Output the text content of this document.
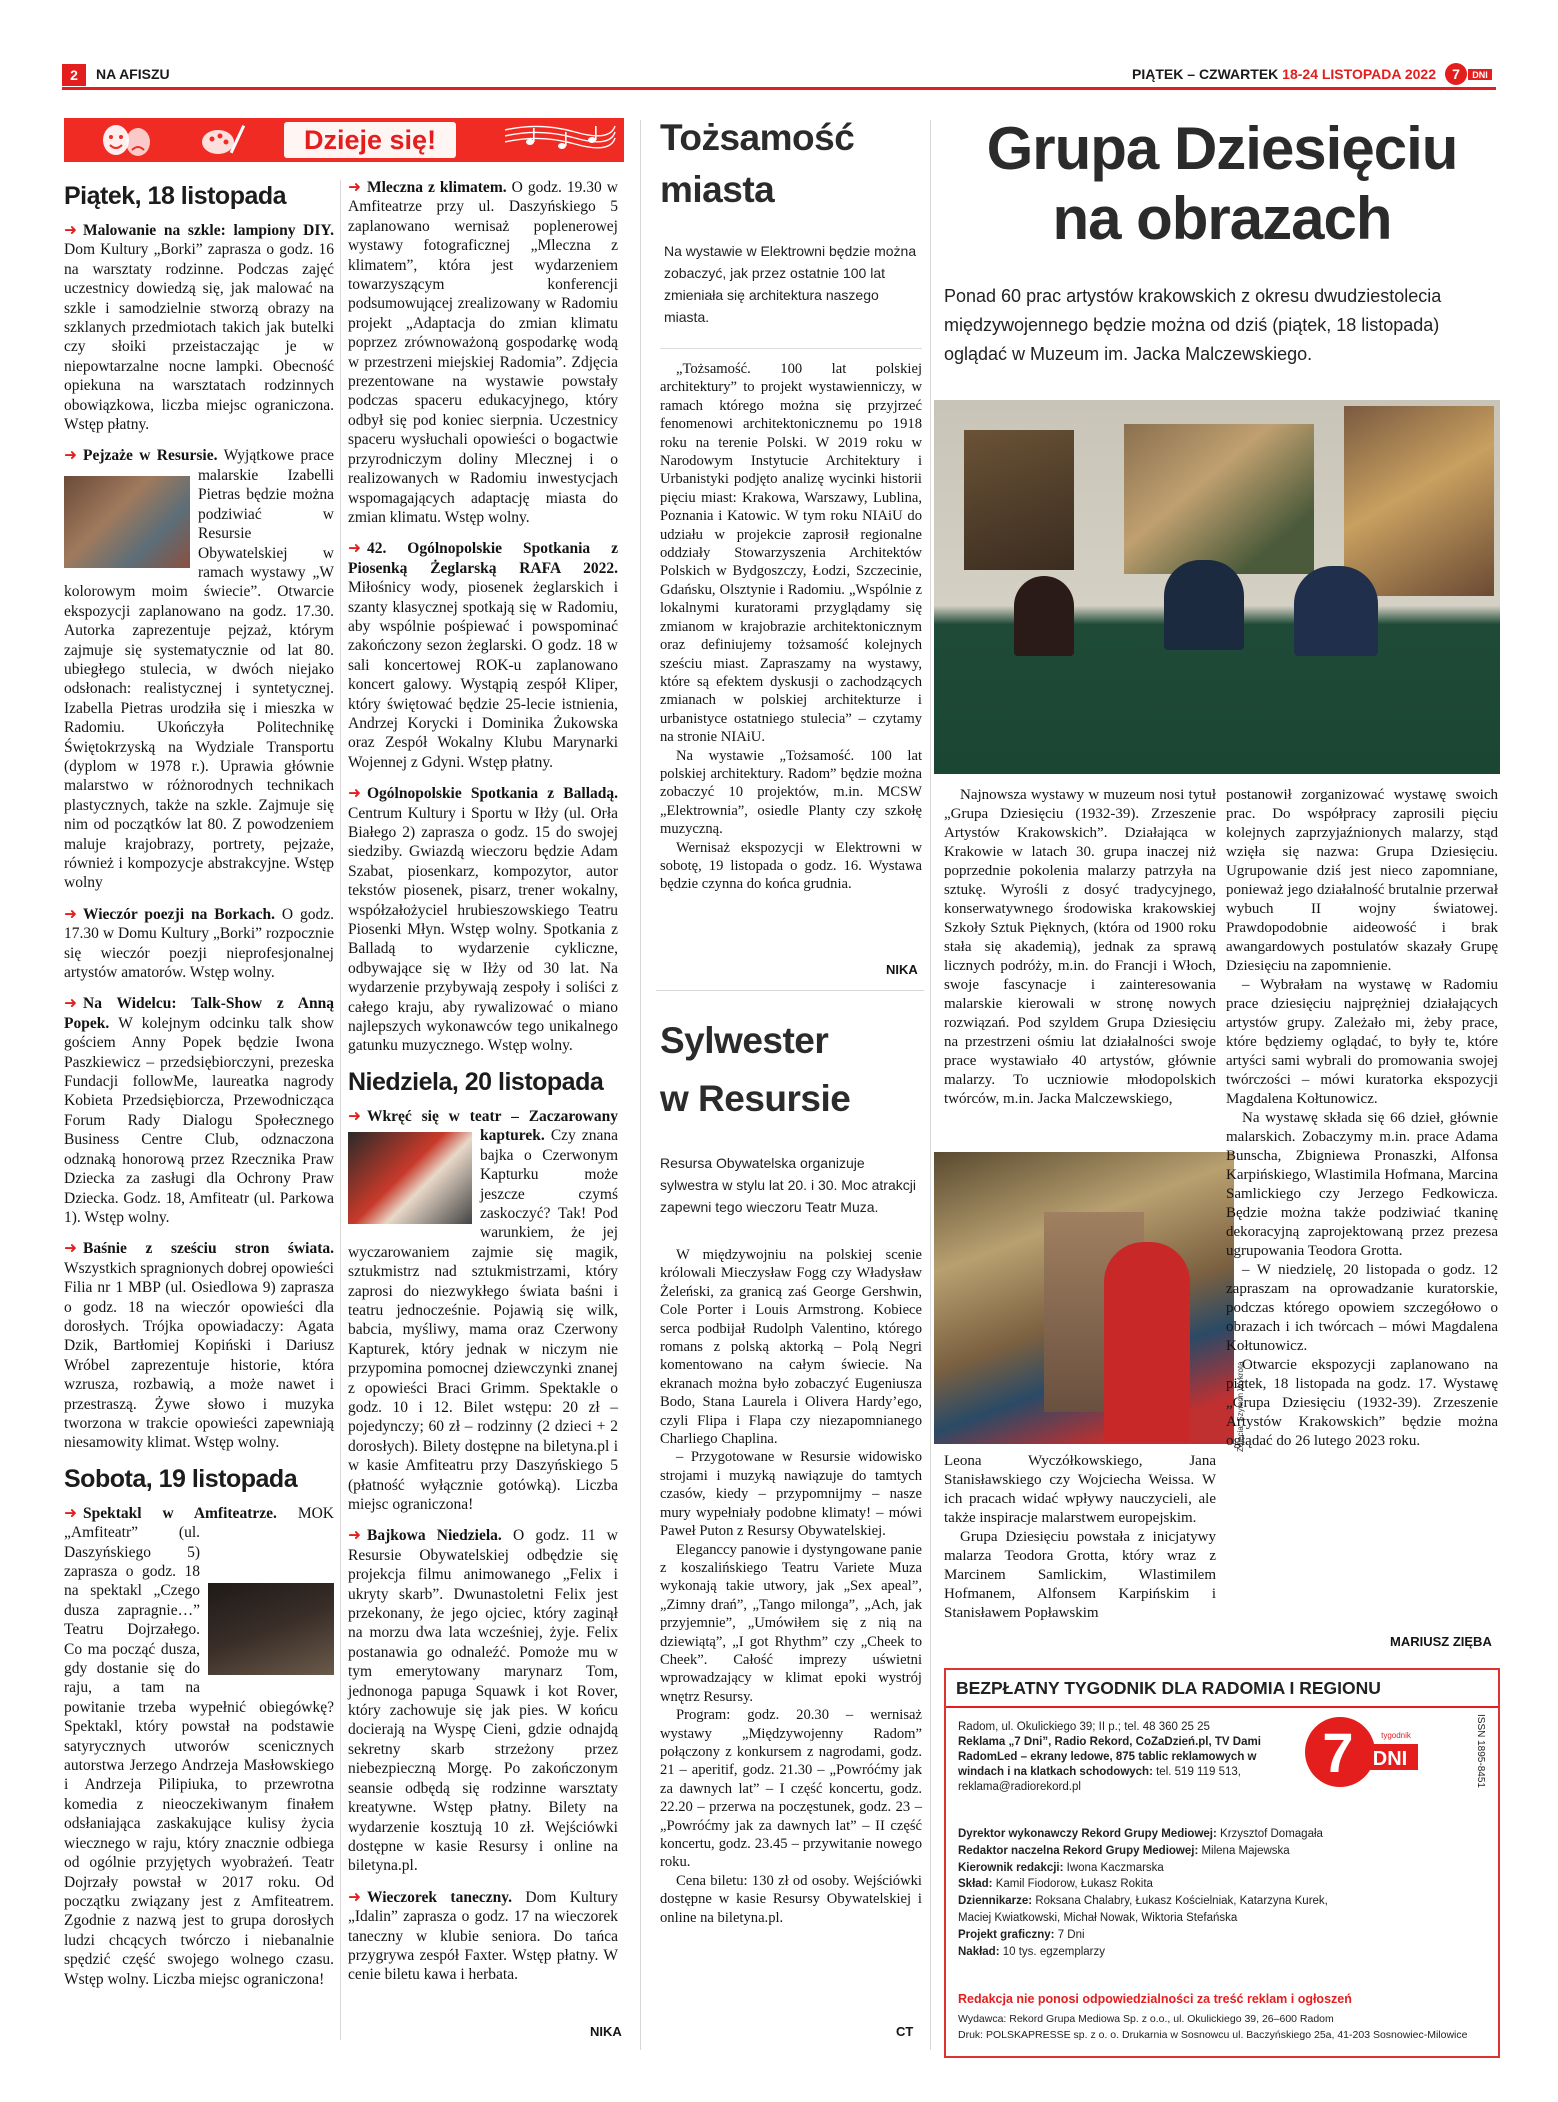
2	NA AFISZU	PIĄTEK – CZWARTEK 18-24 LISTOPADA 2022 7 DNI
Dzieje się!
Piątek, 18 listopada

➜ Malowanie na szkle: lampiony DIY. Dom Kultury „Borki” zaprasza o godz. 16 na warsztaty rodzinne. Podczas zajęć uczestnicy dowiedzą się, jak malować na szkle i samodzielnie stworzą obrazy na szklanych przedmiotach takich jak butelki czy słoiki przeistaczając je w niepowtarzalne nocne lampki. Obecność opiekuna na warsztatach rodzinnych obowiązkowa, liczba miejsc ograniczona. Wstęp płatny.

➜ Pejzaże w Resursie.
Wyjątkowe prace malarskie Izabelli Pietras będzie można podziwiać w Resursie Obywatelskiej w ramach wystawy „W kolorowym moim świecie”. Otwarcie ekspozycji zaplanowano na godz. 17.30. Autorka zaprezentuje pejzaż, którym zajmuje się systematycznie od lat 80. ubiegłego stulecia, w dwóch niejako odsłonach: realistycznej i syntetycznej. Izabella Pietras urodziła się i mieszka w Radomiu. Ukończyła Politechnikę Świętokrzyską na Wydziale Transportu (dyplom w 1978 r.). Uprawia głównie malarstwo w różnorodnych technikach plastycznych, także na szkle. Zajmuje się nim od początków lat 80. Z powodzeniem maluje krajobrazy, portrety, pejzaże, również i kompozycje abstrakcyjne. Wstęp wolny

➜ Wieczór poezji na Borkach. O godz. 17.30 w Domu Kultury „Borki” rozpocznie się wieczór poezji nieprofesjonalnej artystów amatorów. Wstęp wolny.

➜ Na Widelcu: Talk-Show z Anną Popek. W kolejnym odcinku talk show gościem Anny Popek będzie Iwona Paszkiewicz – przedsiębiorczyni, prezeska Fundacji followMe, laureatka nagrody Kobieta Przedsiębiorcza, Przewodnicząca Forum Rady Dialogu Społecznego Business Centre Club, odznaczona odznaką honorową przez Rzecznika Praw Dziecka za zasługi dla Ochrony Praw Dziecka. Godz. 18, Amfiteatr (ul. Parkowa 1). Wstęp wolny.

➜ Baśnie z sześciu stron świata. Wszystkich spragnionych dobrej opowieści Filia nr 1 MBP (ul. Osiedlowa 9) zaprasza o godz. 18 na wieczór opowieści dla dorosłych. Trójka opowiadaczy: Agata Dzik, Bartłomiej Kopiński i Dariusz Wróbel zaprezentuje historie, która wzrusza, rozbawią, a może nawet i przestraszą. Żywe słowo i muzyka tworzona w trakcie opowieści zapewniają niesamowity klimat. Wstęp wolny.

Sobota, 19 listopada

➜ Spektakl w Amfiteatrze.
MOK „Amfiteatr” (ul. Daszyńskiego 5) zaprasza o godz. 18 na spektakl „Czego dusza zapragnie…” Teatru Dojrzałego. Co ma począć dusza, gdy dostanie się do raju, a tam na powitanie trzeba wypełnić obiegówkę? Spektakl, który powstał na podstawie satyrycznych utworów scenicznych autorstwa Jerzego Andrzeja Masłowskiego i Andrzeja Pilipiuka, to przewrotna komedia z nieoczekiwanym finałem odsłaniająca zaskakujące kulisy życia wiecznego w raju, który znacznie odbiega od ogólnie przyjętych wyobrażeń. Teatr Dojrzały powstał w 2017 roku. Od początku związany jest z Amfiteatrem. Zgodnie z nazwą jest to grupa dorosłych ludzi chcących twórczo i niebanalnie spędzić część swojego wolnego czasu. Wstęp wolny. Liczba miejsc ograniczona!

➜ Mleczna z klimatem. O godz. 19.30 w Amfiteatrze przy ul. Daszyńskiego 5 zaplanowano wernisaż poplenerowej wystawy fotograficznej „Mleczna z klimatem”, która jest wydarzeniem towarzyszącym konferencji podsumowującej zrealizowany w Radomiu projekt „Adaptacja do zmian klimatu poprzez zrównoważoną gospodarkę wodą w przestrzeni miejskiej Radomia”. Zdjęcia prezentowane na wystawie powstały podczas spaceru edukacyjnego, który odbył się pod koniec sierpnia. Uczestnicy spaceru wysłuchali opowieści o bogactwie przyrodniczym doliny Mlecznej i o realizowanych w Radomiu inwestycjach wspomagających adaptację miasta do zmian klimatu. Wstęp wolny.

➜ 42. Ogólnopolskie Spotkania z Piosenką Żeglarską RAFA 2022. Miłośnicy wody, piosenek żeglarskich i szanty klasycznej spotkają się w Radomiu, aby wspólnie pośpiewać i powspominać zakończony sezon żeglarski. O godz. 18 w sali koncertowej ROK-u zaplanowano koncert galowy. Wystąpią zespół Kliper, który świętować będzie 25-lecie istnienia, Andrzej Korycki i Dominika Żukowska oraz Zespół Wokalny Klubu Marynarki Wojennej z Gdyni. Wstęp płatny.

➜ Ogólnopolskie Spotkania z Balladą. Centrum Kultury i Sportu w Iłży (ul. Orła Białego 2) zaprasza o godz. 15 do swojej siedziby. Gwiazdą wieczoru będzie Adam Szabat, piosenkarz, kompozytor, autor tekstów piosenek, pisarz, trener wokalny, współzałożyciel hrubieszowskiego Teatru Piosenki Młyn. Wstęp wolny. Spotkania z Balladą to wydarzenie cykliczne, odbywające się w Iłży od 30 lat. Na wydarzenie przybywają zespoły i soliści z całego kraju, aby rywalizować o miano najlepszych wykonawców tego unikalnego gatunku muzycznego. Wstęp wolny.

Niedziela, 20 listopada

➜ Wkręć się w teatr – Zaczarowany kapturek.
Czy znana bajka o Czerwonym Kapturku może jeszcze czymś zaskoczyć? Tak! Pod warunkiem, że jej wyczarowaniem zajmie się magik, sztukmistrz nad sztukmistrzami, który zaprosi do niezwykłego świata baśni i teatru jednocześnie. Pojawią się wilk, babcia, myśliwy, mama oraz Czerwony Kapturek, który jednak w niczym nie przypomina pomocnej dziewczynki znanej z opowieści Braci Grimm. Spektakle o godz. 10 i 12. Bilet wstępu: 20 zł – pojedynczy; 60 zł – rodzinny (2 dzieci + 2 dorosłych). Bilety dostępne na biletyna.pl i w kasie Amfiteatru przy Daszyńskiego 5 (płatność wyłącznie gotówką). Liczba miejsc ograniczona!

➜ Bajkowa Niedziela. O godz. 11 w Resursie Obywatelskiej odbędzie się projekcja filmu animowanego „Felix i ukryty skarb”. Dwunastoletni Felix jest przekonany, że jego ojciec, który zaginął na morzu dwa lata wcześniej, żyje. Felix postanawia go odnaleźć. Pomoże mu w tym emerytowany marynarz Tom, jednonoga papuga Squawk i kot Rover, który zachowuje się jak pies. W końcu docierają na Wyspę Cieni, gdzie odnajdą sekretny skarb strzeżony przez niebezpieczną Morgę. Po zakończonym seansie odbędą się rodzinne warsztaty kreatywne. Wstęp płatny. Bilety na wydarzenie kosztują 10 zł. Wejściówki dostępne w kasie Resursy i online na biletyna.pl.

➜ Wieczorek taneczny. Dom Kultury „Idalin” zaprasza o godz. 17 na wieczorek taneczny w klubie seniora. Do tańca przygrywa zespół Faxter. Wstęp płatny. W cenie biletu kawa i herbata.

NIKA
Tożsamość
miasta
Na wystawie w Elektrowni będzie można zobaczyć, jak przez ostatnie 100 lat zmieniała się architektura naszego miasta.

„Tożsamość. 100 lat polskiej architektury” to projekt wystawienniczy, w ramach którego można się przyjrzeć fenomenowi architektonicznemu po 1918 roku na terenie Polski. W 2019 roku w Narodowym Instytucie Architektury i Urbanistyki podjęto analizę wycinki historii pięciu miast: Krakowa, Warszawy, Lublina, Poznania i Katowic. W tym roku NIAiU do udziału w projekcie zaprosił regionalne oddziały Stowarzyszenia Architektów Polskich w Bydgoszczy, Łodzi, Szczecinie, Gdańsku, Olsztynie i Radomiu. „Wspólnie z lokalnymi kuratorami przyglądamy się zmianom w krajobrazie architektonicznym oraz definiujemy tożsamość kolejnych sześciu miast. Zapraszamy na wystawy, które są efektem dyskusji o zachodzących zmianach w polskiej architekturze i urbanistyce ostatniego stulecia” – czytamy na stronie NIAiU.

Na wystawie „Tożsamość. 100 lat polskiej architektury. Radom” będzie można zobaczyć 10 projektów, m.in. MCSW „Elektrownia”, osiedle Planty czy szkołę muzyczną.

Wernisaż ekspozycji w Elektrowni w sobotę, 19 listopada o godz. 16. Wystawa będzie czynna do końca grudnia.

NIKA
Sylwester
w Resursie
Resursa Obywatelska organizuje sylwestra w stylu lat 20. i 30. Moc atrakcji zapewni tego wieczoru Teatr Muza.

W międzywojniu na polskiej scenie królowali Mieczysław Fogg czy Władysław Żeleński, za granicą zaś George Gershwin, Cole Porter i Louis Armstrong. Kobiece serca podbijał Rudolph Valentino, którego romans z polską aktorką – Polą Negri komentowano na całym świecie. Na ekranach można było zobaczyć Eugeniusza Bodo, Stana Laurela i Olivera Hardy’ego, czyli Flipa i Flapa czy niezapomnianego Charliego Chaplina.

– Przygotowane w Resursie widowisko strojami i muzyką nawiązuje do tamtych czasów, kiedy – przypomnijmy – nasze mury wypełniały podobne klimaty! – mówi Paweł Puton z Resursy Obywatelskiej.

Eleganccy panowie i dystyngowane panie z koszalińskiego Teatru Variete Muza wykonają takie utwory, jak „Sex apeal”, „Zimny drań”, „Tango milonga”, „Ach, jak przyjemnie”, „Umówiłem się z nią na dziewiątą”, „I got Rhythm” czy „Cheek to Cheek”. Całość imprezy uświetni wprowadzający w klimat epoki wystrój wnętrz Resursy.

Program: godz. 20.30 – wernisaż wystawy „Międzywojenny Radom” połączony z konkursem z nagrodami, godz. 21 – aperitif, godz. 21.30 – „Powróćmy jak za dawnych lat” – I część koncertu, godz. 22.20 – przerwa na poczęstunek, godz. 23 – „Powróćmy jak za dawnych lat” – II część koncertu, godz. 23.45 – przywitanie nowego roku.

Cena biletu: 130 zł od osoby. Wejściówki dostępne w kasie Resursy Obywatelskiej i online na biletyna.pl.

CT
Grupa Dziesięciu
na obrazach
Ponad 60 prac artystów krakowskich z okresu dwudziestolecia międzywojennego będzie można od dziś (piątek, 18 listopada) oglądać w Muzeum im. Jacka Malczewskiego.

Najnowsza wystawy w muzeum nosi tytuł „Grupa Dziesięciu (1932-39). Zrzeszenie Artystów Krakowskich”. Działająca w Krakowie w latach 30. grupa inaczej niż poprzednie pokolenia malarzy patrzyła na sztukę. Wyrośli z dosyć tradycyjnego, konserwatywnego środowiska krakowskiej Szkoły Sztuk Pięknych, (która od 1900 roku stała się akademią), jednak za sprawą licznych podróży, m.in. do Francji i Włoch, swoje fascynacje i zainteresowania malarskie kierowali w stronę nowych rozwiązań. Pod szyldem Grupa Dziesięciu na przestrzeni ośmiu lat działalności swoje prace wystawiało 40 artystów, głównie malarzy. To uczniowie młodopolskich twórców, m.in. Jacka Malczewskiego,

Zdjęcia: Szymon Wykrota

Leona Wyczółkowskiego, Jana Stanisławskiego czy Wojciecha Weissa. W ich pracach widać wpływy nauczycieli, ale także inspiracje malarstwem europejskim.

Grupa Dziesięciu powstała z inicjatywy malarza Teodora Grotta, który wraz z Marcinem Samlickim, Wlastimilem Hofmanem, Alfonsem Karpińskim i Stanisławem Popławskim

postanowił zorganizować wystawę swoich prac. Do współpracy zaprosili pięciu kolejnych zaprzyjaźnionych malarzy, stąd wzięła się nazwa: Grupa Dziesięciu. Ugrupowanie dziś jest nieco zapomniane, ponieważ jego działalność brutalnie przerwał wybuch II wojny światowej. Prawdopodobnie aideowość i brak awangardowych postulatów skazały Grupę Dziesięciu na zapomnienie.

– Wybrałam na wystawę w Radomiu prace dziesięciu najprężniej działających artystów grupy. Zależało mi, żeby prace, które będziemy oglądać, to były te, które artyści sami wybrali do promowania swojej twórczości – mówi kuratorka ekspozycji Magdalena Kołtunowicz.

Na wystawę składa się 66 dzieł, głównie malarskich. Zobaczymy m.in. prace Adama Bunscha, Zbigniewa Pronaszki, Alfonsa Karpińskiego, Wlastimila Hofmana, Marcina Samlickiego czy Jerzego Fedkowicza. Będzie można także podziwiać tkaninę dekoracyjną zaprojektowaną przez prezesa ugrupowania Teodora Grotta.

– W niedzielę, 20 listopada o godz. 12 zapraszam na oprowadzanie kuratorskie, podczas którego opowiem szczegółowo o obrazach i ich twórcach – mówi Magdalena Kołtunowicz.

Otwarcie ekspozycji zaplanowano na piątek, 18 listopada na godz. 17. Wystawę „Grupa Dziesięciu (1932-39). Zrzeszenie Artystów Krakowskich” będzie można oglądać do 26 lutego 2023 roku.

MARIUSZ ZIĘBA
BEZPŁATNY TYGODNIK DLA RADOMIA I REGIONU
Radom, ul. Okulickiego 39; II p.; tel. 48 360 25 25
Reklama „7 Dni”, Radio Rekord, CoZaDzień.pl, TV Dami RadomLed – ekrany ledowe, 875 tablic reklamowych w windach i na klatkach schodowych: tel. 519 119 513,
reklama@radiorekord.pl
7 DNI
tygodnik	ISSN 1895-8451
Dyrektor wykonawczy Rekord Grupy Mediowej: Krzysztof Domagała
Redaktor naczelna Rekord Grupy Mediowej: Milena Majewska
Kierownik redakcji: Iwona Kaczmarska
Skład: Kamil Fiodorow, Łukasz Rokita
Dziennikarze: Roksana Chalabry, Łukasz Kościelniak, Katarzyna Kurek,
Maciej Kwiatkowski, Michał Nowak, Wiktoria Stefańska
Projekt graficzny: 7 Dni
Nakład: 10 tys. egzemplarzy
Redakcja nie ponosi odpowiedzialności za treść reklam i ogłoszeń
Wydawca: Rekord Grupa Mediowa Sp. z o.o., ul. Okulickiego 39, 26–600 Radom
Druk: POLSKAPRESSE sp. z o. o. Drukarnia w Sosnowcu ul. Baczyńskiego 25a, 41-203 Sosnowiec-Milowice
